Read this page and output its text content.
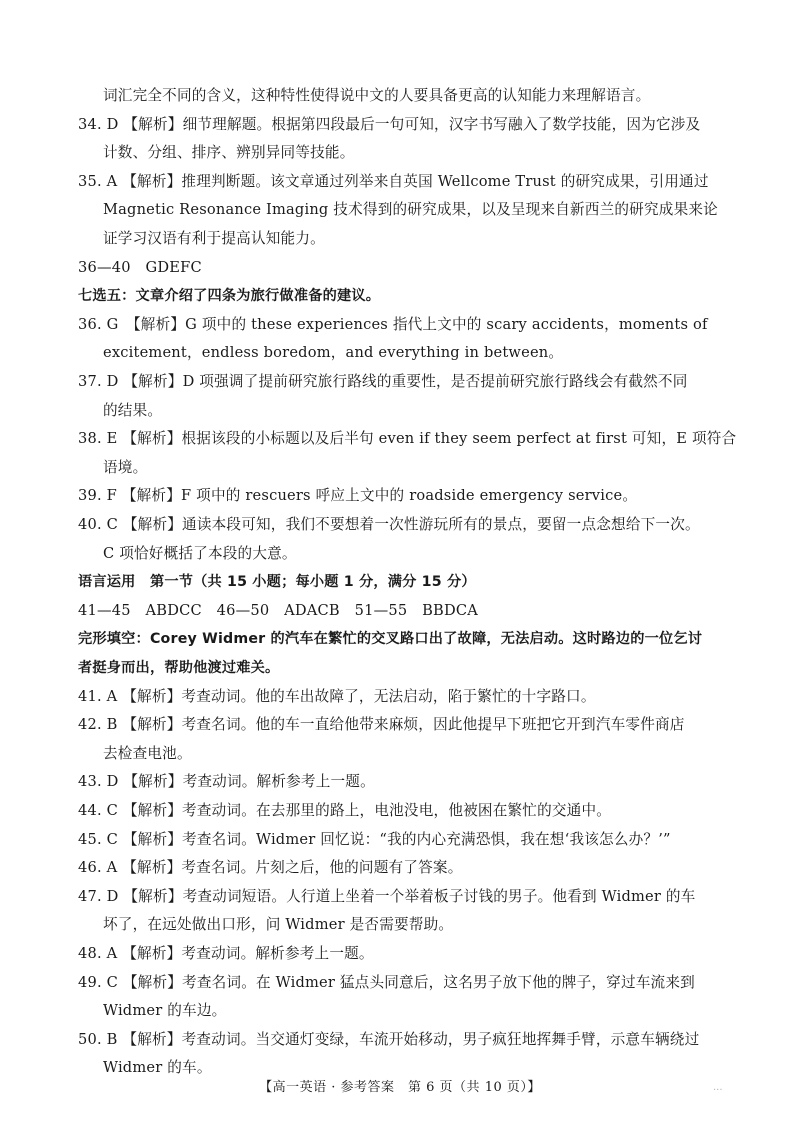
词汇完全不同的含义，这种特性使得说中文的人要具备更高的认知能力来理解语言。
34. D 【解析】细节理解题。根据第四段最后一句可知，汉字书写融入了数学技能，因为它涉及
计数、分组、排序、辨别异同等技能。
35. A 【解析】推理判断题。该文章通过列举来自英国 Wellcome Trust 的研究成果，引用通过
Magnetic Resonance Imaging 技术得到的研究成果，以及呈现来自新西兰的研究成果来论
证学习汉语有利于提高认知能力。
36—40　GDEFC
七选五：文章介绍了四条为旅行做准备的建议。
36. G　【解析】G 项中的 these experiences 指代上文中的 scary accidents，moments of
excitement，endless boredom，and everything in between。
37. D 【解析】D 项强调了提前研究旅行路线的重要性，是否提前研究旅行路线会有截然不同
的结果。
38. E 【解析】根据该段的小标题以及后半句 even if they seem perfect at first 可知，E 项符合
语境。
39. F 【解析】F 项中的 rescuers 呼应上文中的 roadside emergency service。
40. C 【解析】通读本段可知，我们不要想着一次性游玩所有的景点，要留一点念想给下一次。
C 项恰好概括了本段的大意。
语言运用　第一节（共 15 小题；每小题 1 分，满分 15 分）
41—45　ABDCC　46—50　ADACB　51—55　BBDCA
完形填空：Corey Widmer 的汽车在繁忙的交叉路口出了故障，无法启动。这时路边的一位乞讨
者挺身而出，帮助他渡过难关。
41. A 【解析】考查动词。他的车出故障了，无法启动，陷于繁忙的十字路口。
42. B 【解析】考查名词。他的车一直给他带来麻烦，因此他提早下班把它开到汽车零件商店
去检查电池。
43. D 【解析】考查动词。解析参考上一题。
44. C 【解析】考查动词。在去那里的路上，电池没电，他被困在繁忙的交通中。
45. C 【解析】考查名词。Widmer 回忆说：“我的内心充满恐惧，我在想‘我该怎么办？’”
46. A 【解析】考查名词。片刻之后，他的问题有了答案。
47. D 【解析】考查动词短语。人行道上坐着一个举着板子讨钱的男子。他看到 Widmer 的车
坏了，在远处做出口形，问 Widmer 是否需要帮助。
48. A 【解析】考查动词。解析参考上一题。
49. C 【解析】考查名词。在 Widmer 猛点头同意后，这名男子放下他的牌子，穿过车流来到
Widmer 的车边。
50. B 【解析】考查动词。当交通灯变绿，车流开始移动，男子疯狂地挥舞手臂，示意车辆绕过
Widmer 的车。
【高一英语 · 参考答案　第 6 页（共 10 页）】	...
